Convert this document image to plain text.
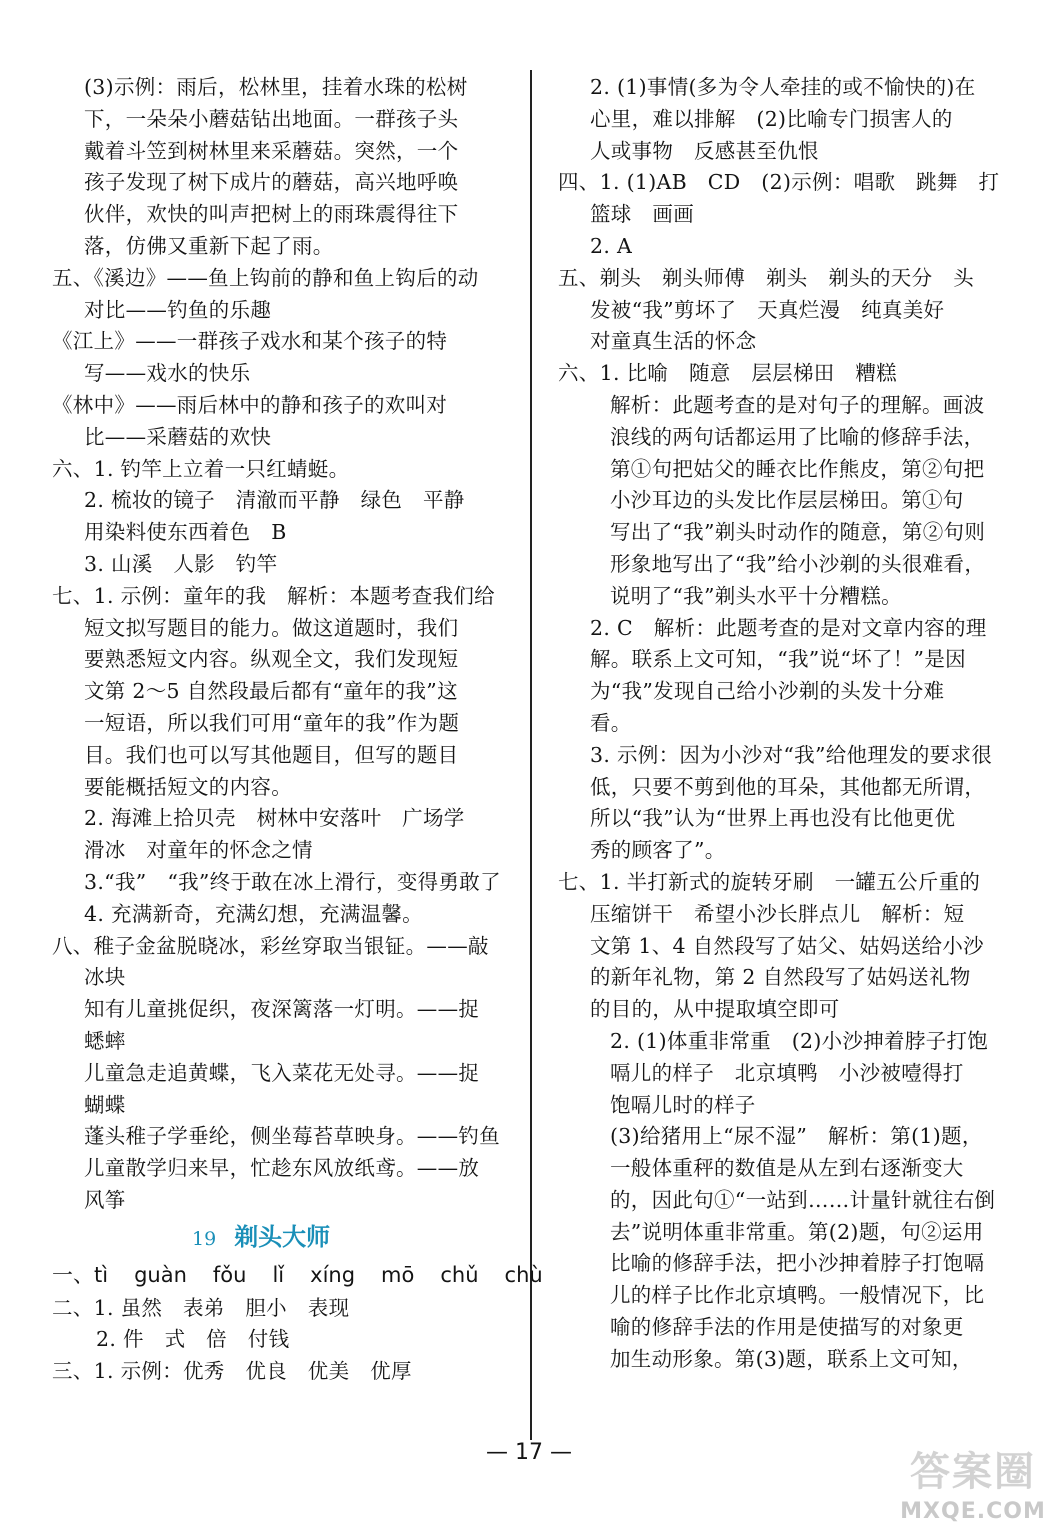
(3)示例：雨后，松林里，挂着水珠的松树
下，一朵朵小蘑菇钻出地面。一群孩子头
戴着斗笠到树林里来采蘑菇。突然，一个
孩子发现了树下成片的蘑菇，高兴地呼唤
伙伴，欢快的叫声把树上的雨珠震得往下
落，仿佛又重新下起了雨。
五、《溪边》——鱼上钩前的静和鱼上钩后的动
对比——钓鱼的乐趣
《江上》——一群孩子戏水和某个孩子的特
写——戏水的快乐
《林中》——雨后林中的静和孩子的欢叫对
比——采蘑菇的欢快
六、1. 钓竿上立着一只红蜻蜓。
2. 梳妆的镜子　清澈而平静　绿色　平静
用染料使东西着色　B
3. 山溪　人影　钓竿
七、1. 示例：童年的我　解析：本题考查我们给
短文拟写题目的能力。做这道题时，我们
要熟悉短文内容。纵观全文，我们发现短
文第 2～5 自然段最后都有“童年的我”这
一短语，所以我们可用“童年的我”作为题
目。我们也可以写其他题目，但写的题目
要能概括短文的内容。
2. 海滩上拾贝壳　树林中安落叶　广场学
滑冰　对童年的怀念之情
3.“我”　“我”终于敢在冰上滑行，变得勇敢了
4. 充满新奇，充满幻想，充满温馨。
八、稚子金盆脱晓冰，彩丝穿取当银钲。——敲
冰块
知有儿童挑促织，夜深篱落一灯明。——捉
蟋蟀
儿童急走追黄蝶，飞入菜花无处寻。——捉
蝴蝶
蓬头稚子学垂纶，侧坐莓苔草映身。——钓鱼
儿童散学归来早，忙趁东风放纸鸢。——放
风筝
19 剃头大师
一、tì guàn fǒu lǐ xíng mō chǔ chù
二、1. 虽然　表弟　胆小　表现
2. 件　式　倍　付钱
三、1. 示例：优秀　优良　优美　优厚
2. (1)事情(多为令人牵挂的或不愉快的)在
心里，难以排解　(2)比喻专门损害人的
人或事物　反感甚至仇恨
四、1. (1)AB　CD　(2)示例：唱歌　跳舞　打
篮球　画画
2. A
五、剃头　剃头师傅　剃头　剃头的天分　头
发被“我”剪坏了　天真烂漫　纯真美好
对童真生活的怀念
六、1. 比喻　随意　层层梯田　糟糕
解析：此题考查的是对句子的理解。画波
浪线的两句话都运用了比喻的修辞手法，
第①句把姑父的睡衣比作熊皮，第②句把
小沙耳边的头发比作层层梯田。第①句
写出了“我”剃头时动作的随意，第②句则
形象地写出了“我”给小沙剃的头很难看，
说明了“我”剃头水平十分糟糕。
2. C　解析：此题考查的是对文章内容的理
解。联系上文可知，“我”说“坏了！”是因
为“我”发现自己给小沙剃的头发十分难
看。
3. 示例：因为小沙对“我”给他理发的要求很
低，只要不剪到他的耳朵，其他都无所谓，
所以“我”认为“世界上再也没有比他更优
秀的顾客了”。
七、1. 半打新式的旋转牙刷　一罐五公斤重的
压缩饼干　希望小沙长胖点儿　解析：短
文第 1、4 自然段写了姑父、姑妈送给小沙
的新年礼物，第 2 自然段写了姑妈送礼物
的目的，从中提取填空即可
2. (1)体重非常重　(2)小沙抻着脖子打饱
嗝儿的样子　北京填鸭　小沙被噎得打
饱嗝儿时的样子
(3)给猪用上“尿不湿”　解析：第(1)题，
一般体重秤的数值是从左到右逐渐变大
的，因此句①“一站到……计量针就往右倒
去”说明体重非常重。第(2)题，句②运用
比喻的修辞手法，把小沙抻着脖子打饱嗝
儿的样子比作北京填鸭。一般情况下，比
喻的修辞手法的作用是使描写的对象更
加生动形象。第(3)题，联系上文可知，
— 17 —	答案圈
MXQE.COM
